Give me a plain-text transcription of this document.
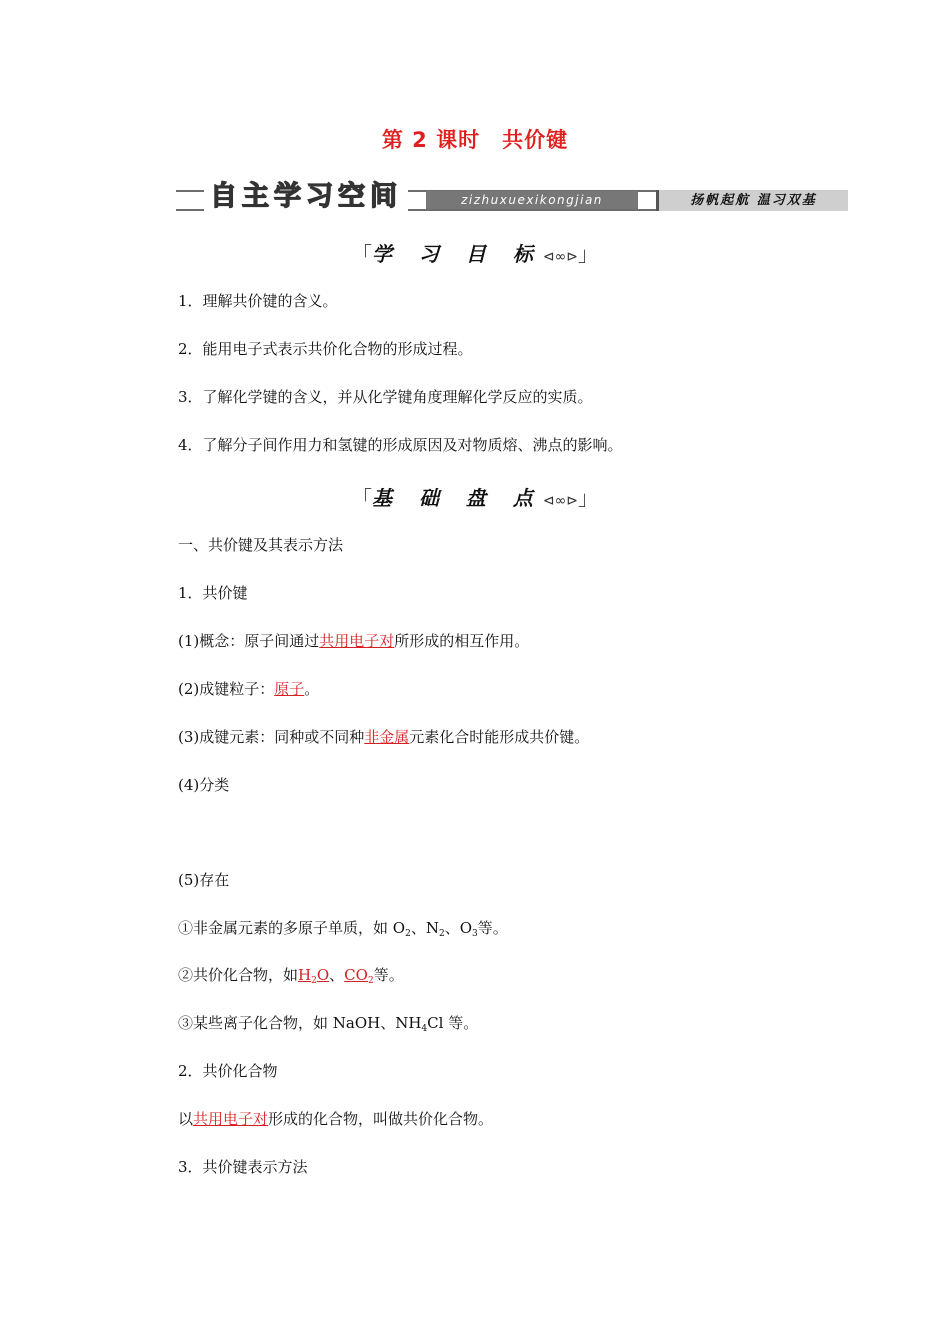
第 2 课时　共价键
自主学习空间	zizhuxuexikongjian	扬帆起航 温习双基
「学 习 目 标⊲∞⊳」
1．理解共价键的含义。
2．能用电子式表示共价化合物的形成过程。
3．了解化学键的含义，并从化学键角度理解化学反应的实质。
4．了解分子间作用力和氢键的形成原因及对物质熔、沸点的影响。
「基 础 盘 点⊲∞⊳」
一、共价键及其表示方法
1．共价键
(1)概念：原子间通过共用电子对所形成的相互作用。
(2)成键粒子：原子。
(3)成键元素：同种或不同种非金属元素化合时能形成共价键。
(4)分类
(5)存在
①非金属元素的多原子单质，如 $O_2$、$N_2$、$O_3$等。
②共价化合物，如$H_2O$、$CO_2$等。
③某些离子化合物，如 NaOH、$NH_4Cl$ 等。
2．共价化合物
以共用电子对形成的化合物，叫做共价化合物。
3．共价键表示方法
